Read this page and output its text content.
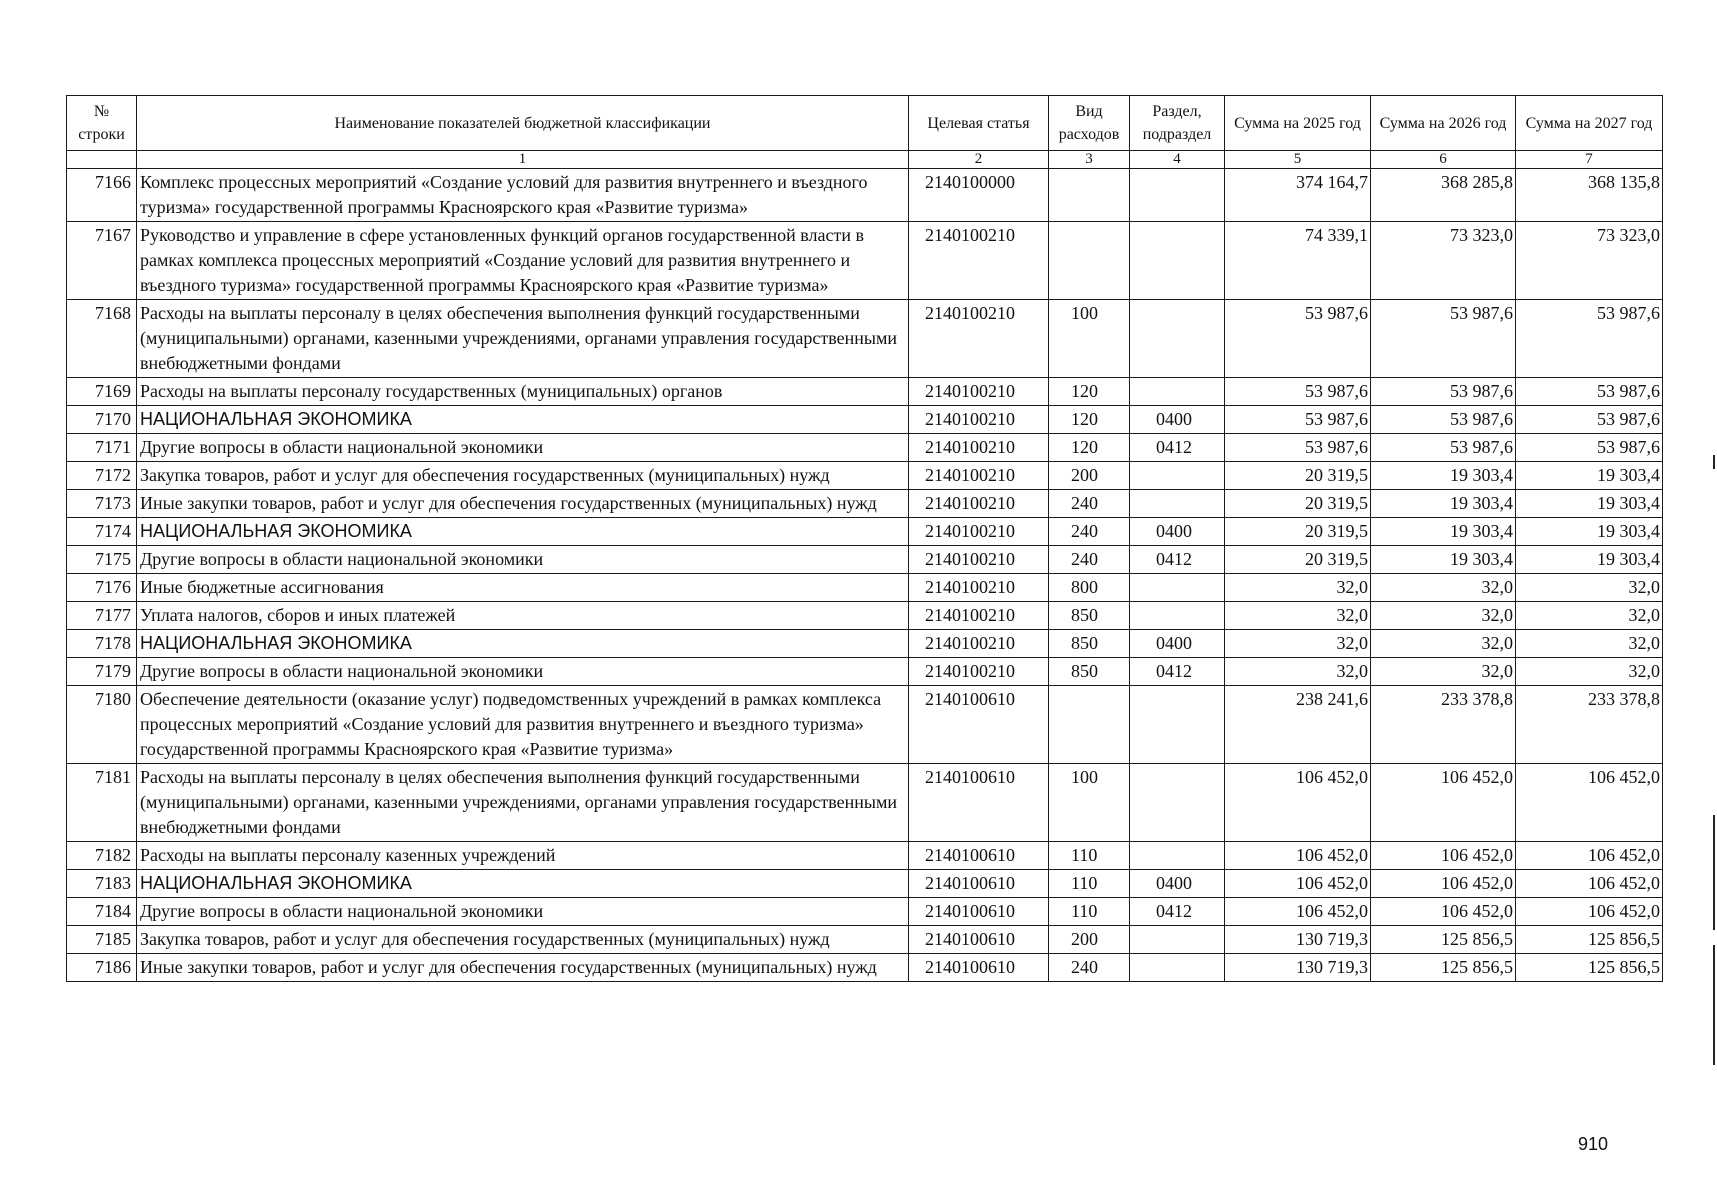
№ строки	Наименование показателей бюджетной классификации	Целевая статья	Вид расходов	Раздел, подраздел	Сумма на 2025 год	Сумма на 2026 год	Сумма на 2027 год
	1	2	3	4	5	6	7
7166	Комплекс процессных мероприятий «Создание условий для развития внутреннего и въездного туризма» государственной программы Красноярского края «Развитие туризма»	2140100000			374 164,7	368 285,8	368 135,8
7167	Руководство и управление в сфере установленных функций органов государственной власти в рамках комплекса процессных мероприятий «Создание условий для развития внутреннего и въездного туризма» государственной программы Красноярского края «Развитие туризма»	2140100210			74 339,1	73 323,0	73 323,0
7168	Расходы на выплаты персоналу в целях обеспечения выполнения функций государственными (муниципальными) органами, казенными учреждениями, органами управления государственными внебюджетными фондами	2140100210	100		53 987,6	53 987,6	53 987,6
7169	Расходы на выплаты персоналу государственных (муниципальных) органов	2140100210	120		53 987,6	53 987,6	53 987,6
7170	НАЦИОНАЛЬНАЯ ЭКОНОМИКА	2140100210	120	0400	53 987,6	53 987,6	53 987,6
7171	Другие вопросы в области национальной экономики	2140100210	120	0412	53 987,6	53 987,6	53 987,6
7172	Закупка товаров, работ и услуг для обеспечения государственных (муниципальных) нужд	2140100210	200		20 319,5	19 303,4	19 303,4
7173	Иные закупки товаров, работ и услуг для обеспечения государственных (муниципальных) нужд	2140100210	240		20 319,5	19 303,4	19 303,4
7174	НАЦИОНАЛЬНАЯ ЭКОНОМИКА	2140100210	240	0400	20 319,5	19 303,4	19 303,4
7175	Другие вопросы в области национальной экономики	2140100210	240	0412	20 319,5	19 303,4	19 303,4
7176	Иные бюджетные ассигнования	2140100210	800		32,0	32,0	32,0
7177	Уплата налогов, сборов и иных платежей	2140100210	850		32,0	32,0	32,0
7178	НАЦИОНАЛЬНАЯ ЭКОНОМИКА	2140100210	850	0400	32,0	32,0	32,0
7179	Другие вопросы в области национальной экономики	2140100210	850	0412	32,0	32,0	32,0
7180	Обеспечение деятельности (оказание услуг) подведомственных учреждений в рамках комплекса процессных мероприятий «Создание условий для развития внутреннего и въездного туризма» государственной программы Красноярского края «Развитие туризма»	2140100610			238 241,6	233 378,8	233 378,8
7181	Расходы на выплаты персоналу в целях обеспечения выполнения функций государственными (муниципальными) органами, казенными учреждениями, органами управления государственными внебюджетными фондами	2140100610	100		106 452,0	106 452,0	106 452,0
7182	Расходы на выплаты персоналу казенных учреждений	2140100610	110		106 452,0	106 452,0	106 452,0
7183	НАЦИОНАЛЬНАЯ ЭКОНОМИКА	2140100610	110	0400	106 452,0	106 452,0	106 452,0
7184	Другие вопросы в области национальной экономики	2140100610	110	0412	106 452,0	106 452,0	106 452,0
7185	Закупка товаров, работ и услуг для обеспечения государственных (муниципальных) нужд	2140100610	200		130 719,3	125 856,5	125 856,5
7186	Иные закупки товаров, работ и услуг для обеспечения государственных (муниципальных) нужд	2140100610	240		130 719,3	125 856,5	125 856,5
910
